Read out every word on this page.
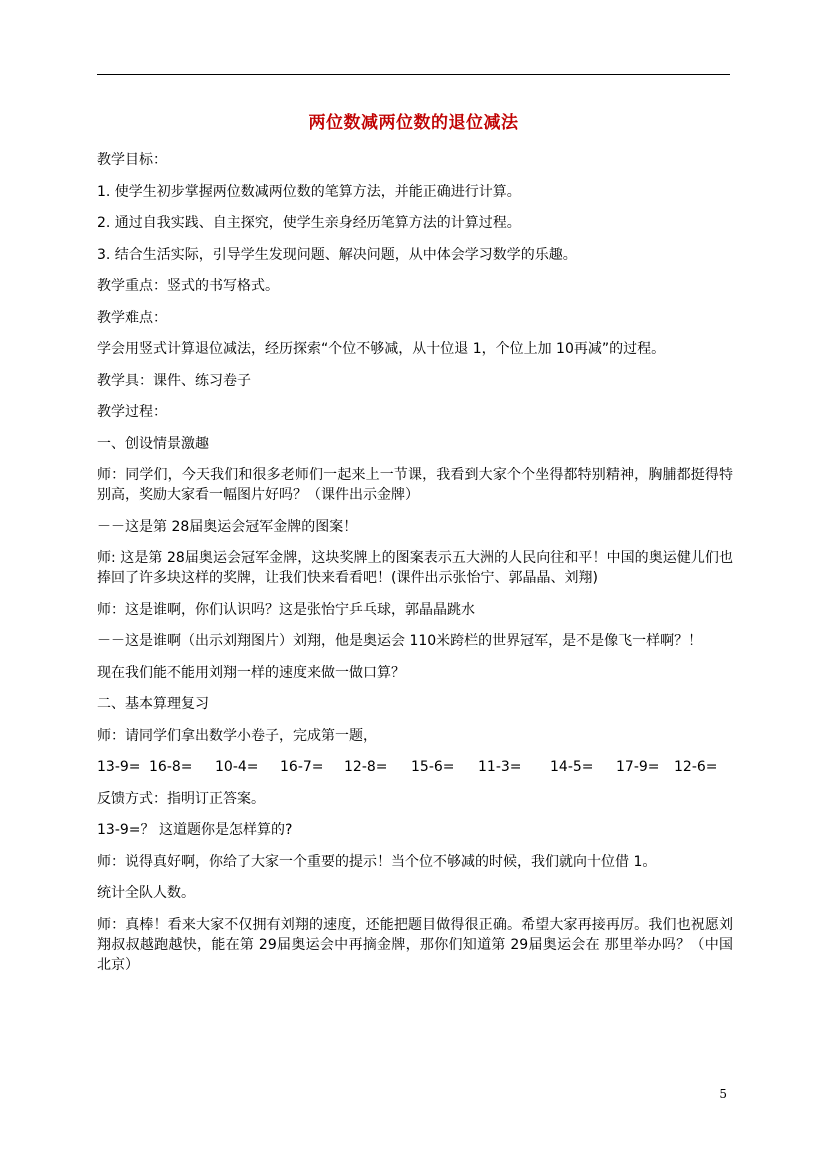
两位数减两位数的退位减法
教学目标：
1. 使学生初步掌握两位数减两位数的笔算方法，并能正确进行计算。
2. 通过自我实践、自主探究，使学生亲身经历笔算方法的计算过程。
3. 结合生活实际，引导学生发现问题、解决问题，从中体会学习数学的乐趣。
教学重点：竖式的书写格式。
教学难点：
学会用竖式计算退位减法，经历探索“个位不够减，从十位退 1，个位上加 10再减”的过程。
教学具：课件、练习卷子
教学过程：
一、创设情景激趣
师：同学们，今天我们和很多老师们一起来上一节课，我看到大家个个坐得都特别精神，胸脯都挺得特别高，奖励大家看一幅图片好吗？（课件出示金牌）
－－这是第 28届奥运会冠军金牌的图案！
师: 这是第 28届奥运会冠军金牌，这块奖牌上的图案表示五大洲的人民向往和平！中国的奥运健儿们也捧回了许多块这样的奖牌，让我们快来看看吧！(课件出示张怡宁、郭晶晶、刘翔)
师：这是谁啊，你们认识吗？这是张怡宁乒乓球，郭晶晶跳水
－－这是谁啊（出示刘翔图片）刘翔，他是奥运会 110米跨栏的世界冠军，是不是像飞一样啊？！
现在我们能不能用刘翔一样的速度来做一做口算？
二、基本算理复习
师：请同学们拿出数学小卷子，完成第一题，
13-9= 16-8=	10-4=	16-7=	12-8=	15-6=	11-3=	14-5=	17-9=	12-6=
反馈方式：指明订正答案。
13-9=？ 这道题你是怎样算的?
师：说得真好啊，你给了大家一个重要的提示！当个位不够减的时候，我们就向十位借 1。
统计全队人数。
师：真棒！看来大家不仅拥有刘翔的速度，还能把题目做得很正确。希望大家再接再厉。我们也祝愿刘翔叔叔越跑越快，能在第 29届奥运会中再摘金牌，那你们知道第 29届奥运会在 那里举办吗？（中国北京）
5
